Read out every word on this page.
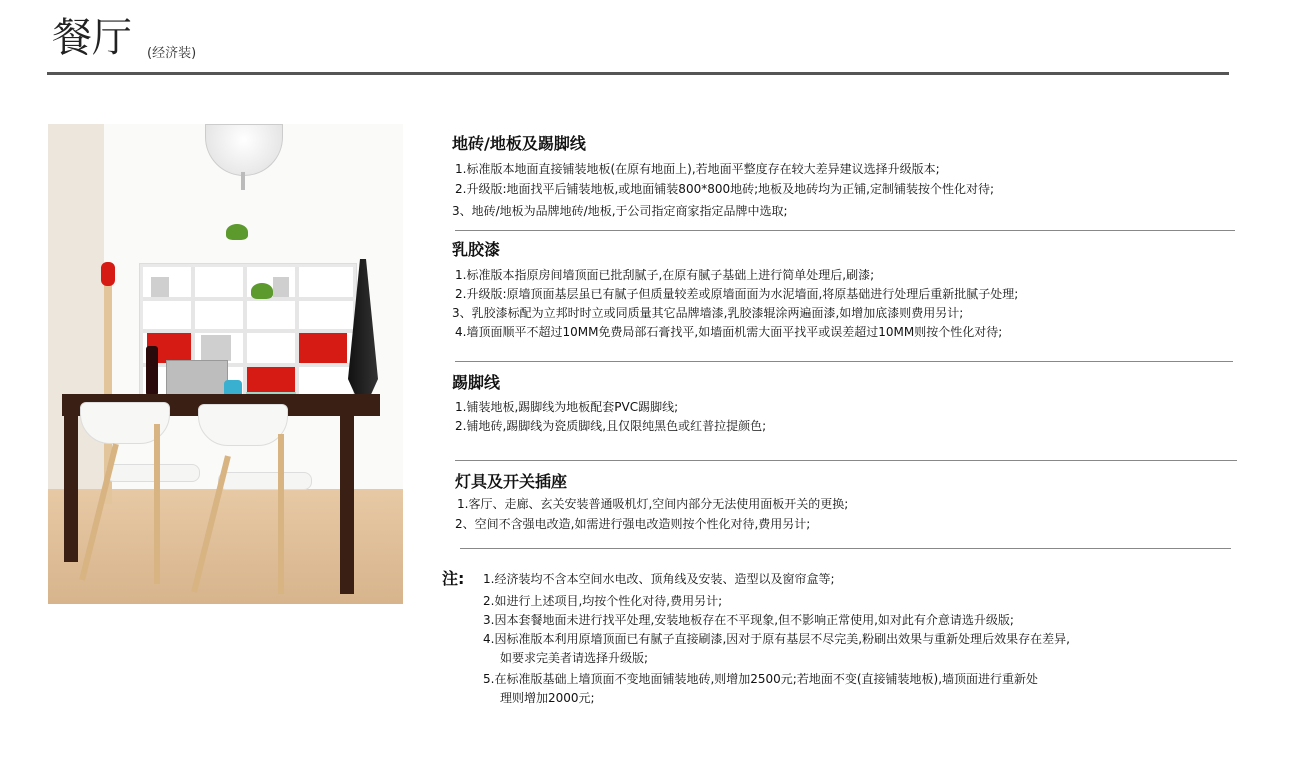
餐厅 (经济装)
地砖/地板及踢脚线
1.标准版本地面直接铺装地板(在原有地面上),若地面平整度存在较大差异建议选择升级版本;
2.升级版:地面找平后铺装地板,或地面铺装800*800地砖;地板及地砖均为正铺,定制铺装按个性化对待;
3、地砖/地板为品牌地砖/地板,于公司指定商家指定品牌中选取;
乳胶漆
1.标准版本指原房间墙顶面已批刮腻子,在原有腻子基础上进行简单处理后,刷漆;
2.升级版:原墙顶面基层虽已有腻子但质量较差或原墙面面为水泥墙面,将原基础进行处理后重新批腻子处理;
3、乳胶漆标配为立邦时时立或同质量其它品牌墙漆,乳胶漆辊涂两遍面漆,如增加底漆则费用另计;
4.墙顶面顺平不超过10MM免费局部石膏找平,如墙面机需大面平找平或误差超过10MM则按个性化对待;
踢脚线
1.铺装地板,踢脚线为地板配套PVC踢脚线;
2.铺地砖,踢脚线为瓷质脚线,且仅限纯黑色或红普拉提颜色;
灯具及开关插座
1.客厅、走廊、玄关安装普通吸机灯,空间内部分无法使用面板开关的更换;
2、空间不含强电改造,如需进行强电改造则按个性化对待,费用另计;
注: 1.经济装均不含本空间水电改、顶角线及安装、造型以及窗帘盒等;
2.如进行上述项目,均按个性化对待,费用另计;
3.因本套餐地面未进行找平处理,安装地板存在不平现象,但不影响正常使用,如对此有介意请选升级版;
4.因标准版本利用原墙顶面已有腻子直接刷漆,因对于原有基层不尽完美,粉刷出效果与重新处理后效果存在差异,
如要求完美者请选择升级版;
5.在标准版基础上墙顶面不变地面铺装地砖,则增加2500元;若地面不变(直接铺装地板),墙顶面进行重新处
理则增加2000元;
